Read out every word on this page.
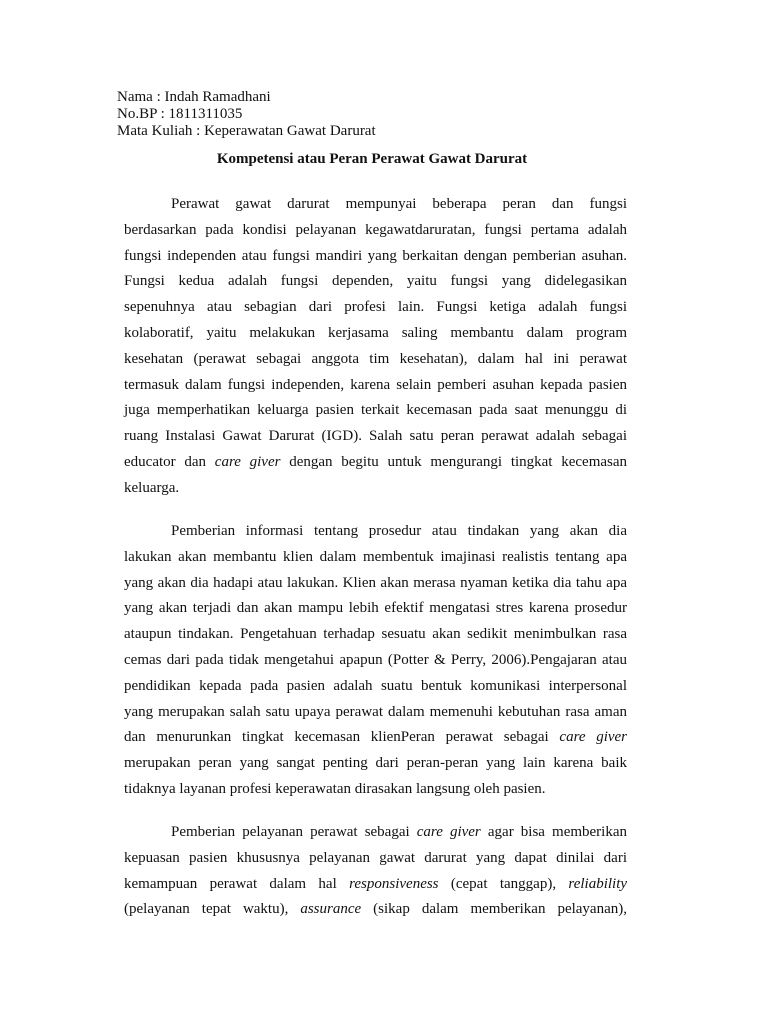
Nama : Indah Ramadhani
No.BP : 1811311035
Mata Kuliah : Keperawatan Gawat Darurat
Kompetensi atau Peran Perawat Gawat Darurat
Perawat gawat darurat mempunyai beberapa peran dan fungsi
berdasarkan pada kondisi pelayanan kegawatdaruratan, fungsi pertama adalah
fungsi independen atau fungsi mandiri yang berkaitan dengan pemberian asuhan.
Fungsi kedua adalah fungsi dependen, yaitu fungsi yang didelegasikan
sepenuhnya atau sebagian dari profesi lain. Fungsi ketiga adalah fungsi
kolaboratif, yaitu melakukan kerjasama saling membantu dalam program
kesehatan (perawat sebagai anggota tim kesehatan), dalam hal ini perawat
termasuk dalam fungsi independen, karena selain pemberi asuhan kepada pasien
juga memperhatikan keluarga pasien terkait kecemasan pada saat menunggu di
ruang Instalasi Gawat Darurat (IGD). Salah satu peran perawat adalah sebagai
educator dan care giver dengan begitu untuk mengurangi tingkat kecemasan
keluarga.
Pemberian informasi tentang prosedur atau tindakan yang akan dia
lakukan akan membantu klien dalam membentuk imajinasi realistis tentang apa
yang akan dia hadapi atau lakukan. Klien akan merasa nyaman ketika dia tahu apa
yang akan terjadi dan akan mampu lebih efektif mengatasi stres karena prosedur
ataupun tindakan. Pengetahuan terhadap sesuatu akan sedikit menimbulkan rasa
cemas dari pada tidak mengetahui apapun (Potter & Perry, 2006).Pengajaran atau
pendidikan kepada pada pasien adalah suatu bentuk komunikasi interpersonal
yang merupakan salah satu upaya perawat dalam memenuhi kebutuhan rasa aman
dan menurunkan tingkat kecemasan klienPeran perawat sebagai care giver
merupakan peran yang sangat penting dari peran-peran yang lain karena baik
tidaknya layanan profesi keperawatan dirasakan langsung oleh pasien.
Pemberian pelayanan perawat sebagai care giver agar bisa memberikan
kepuasan pasien khususnya pelayanan gawat darurat yang dapat dinilai dari
kemampuan perawat dalam hal responsiveness (cepat tanggap), reliability
(pelayanan tepat waktu), assurance (sikap dalam memberikan pelayanan),
